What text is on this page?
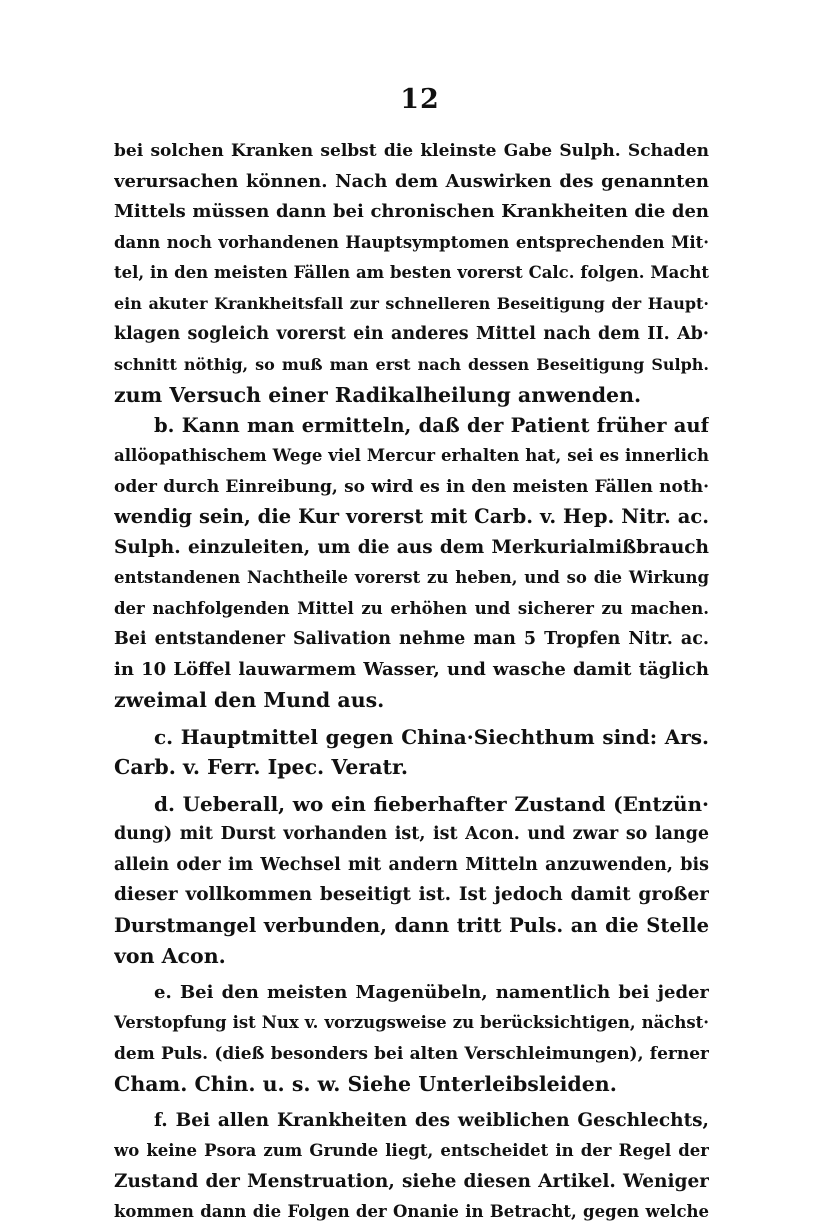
12
bei solchen Kranken selbst die kleinste Gabe Sulph. Schaden
verursachen können. Nach dem Auswirken des genannten
Mittels müssen dann bei chronischen Krankheiten die den
dann noch vorhandenen Hauptsymptomen entsprechenden Mit·
tel, in den meisten Fällen am besten vorerst Calc. folgen. Macht
ein akuter Krankheitsfall zur schnelleren Beseitigung der Haupt·
klagen sogleich vorerst ein anderes Mittel nach dem II. Ab·
schnitt nöthig, so muß man erst nach dessen Beseitigung Sulph.
zum Versuch einer Radikalheilung anwenden.
b. Kann man ermitteln, daß der Patient früher auf
allöopathischem Wege viel Mercur erhalten hat, sei es innerlich
oder durch Einreibung, so wird es in den meisten Fällen noth·
wendig sein, die Kur vorerst mit Carb. v. Hep. Nitr. ac.
Sulph. einzuleiten, um die aus dem Merkurialmißbrauch
entstandenen Nachtheile vorerst zu heben, und so die Wirkung
der nachfolgenden Mittel zu erhöhen und sicherer zu machen.
Bei entstandener Salivation nehme man 5 Tropfen Nitr. ac.
in 10 Löffel lauwarmem Wasser, und wasche damit täglich
zweimal den Mund aus.
c. Hauptmittel gegen China·Siechthum sind: Ars.
Carb. v. Ferr. Ipec. Veratr.
d. Ueberall, wo ein fieberhafter Zustand (Entzün·
dung) mit Durst vorhanden ist, ist Acon. und zwar so lange
allein oder im Wechsel mit andern Mitteln anzuwenden, bis
dieser vollkommen beseitigt ist. Ist jedoch damit großer
Durstmangel verbunden, dann tritt Puls. an die Stelle
von Acon.
e. Bei den meisten Magenübeln, namentlich bei jeder
Verstopfung ist Nux v. vorzugsweise zu berücksichtigen, nächst·
dem Puls. (dieß besonders bei alten Verschleimungen), ferner
Cham. Chin. u. s. w. Siehe Unterleibsleiden.
f. Bei allen Krankheiten des weiblichen Geschlechts,
wo keine Psora zum Grunde liegt, entscheidet in der Regel der
Zustand der Menstruation, siehe diesen Artikel. Weniger
kommen dann die Folgen der Onanie in Betracht, gegen welche
